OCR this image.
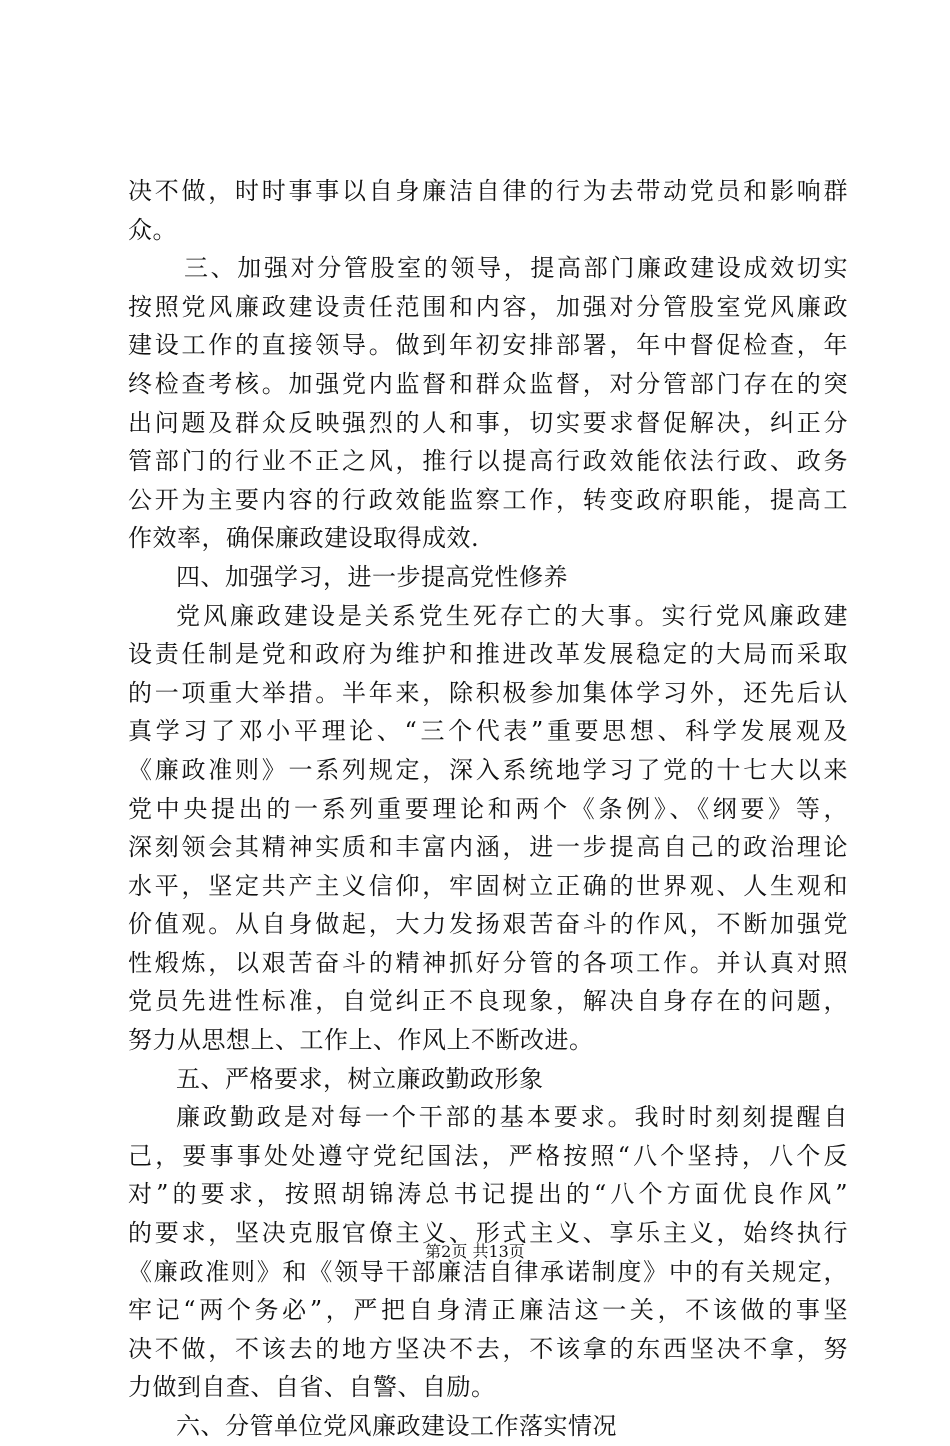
决不做，时时事事以自身廉洁自律的行为去带动党员和影响群
众。
三、加强对分管股室的领导，提高部门廉政建设成效切实
按照党风廉政建设责任范围和内容，加强对分管股室党风廉政
建设工作的直接领导。做到年初安排部署，年中督促检查，年
终检查考核。加强党内监督和群众监督，对分管部门存在的突
出问题及群众反映强烈的人和事，切实要求督促解决，纠正分
管部门的行业不正之风，推行以提高行政效能依法行政、政务
公开为主要内容的行政效能监察工作，转变政府职能，提高工
作效率，确保廉政建设取得成效.
四、加强学习，进一步提高党性修养
党风廉政建设是关系党生死存亡的大事。实行党风廉政建
设责任制是党和政府为维护和推进改革发展稳定的大局而采取
的一项重大举措。半年来，除积极参加集体学习外，还先后认
真学习了邓小平理论、“三个代表”重要思想、科学发展观及
《廉政准则》一系列规定，深入系统地学习了党的十七大以来
党中央提出的一系列重要理论和两个《条例》、《纲要》等，
深刻领会其精神实质和丰富内涵，进一步提高自己的政治理论
水平，坚定共产主义信仰，牢固树立正确的世界观、人生观和
价值观。从自身做起，大力发扬艰苦奋斗的作风，不断加强党
性煅炼，以艰苦奋斗的精神抓好分管的各项工作。并认真对照
党员先进性标准，自觉纠正不良现象，解决自身存在的问题，
努力从思想上、工作上、作风上不断改进。
五、严格要求，树立廉政勤政形象
廉政勤政是对每一个干部的基本要求。我时时刻刻提醒自
己，要事事处处遵守党纪国法，严格按照“八个坚持，八个反
对”的要求，按照胡锦涛总书记提出的“八个方面优良作风”
的要求，坚决克服官僚主义、形式主义、享乐主义，始终执行
《廉政准则》和《领导干部廉洁自律承诺制度》中的有关规定，
牢记“两个务必”，严把自身清正廉洁这一关，不该做的事坚
决不做，不该去的地方坚决不去，不该拿的东西坚决不拿，努
力做到自查、自省、自警、自励。
六、分管单位党风廉政建设工作落实情况
第2页 共13页
